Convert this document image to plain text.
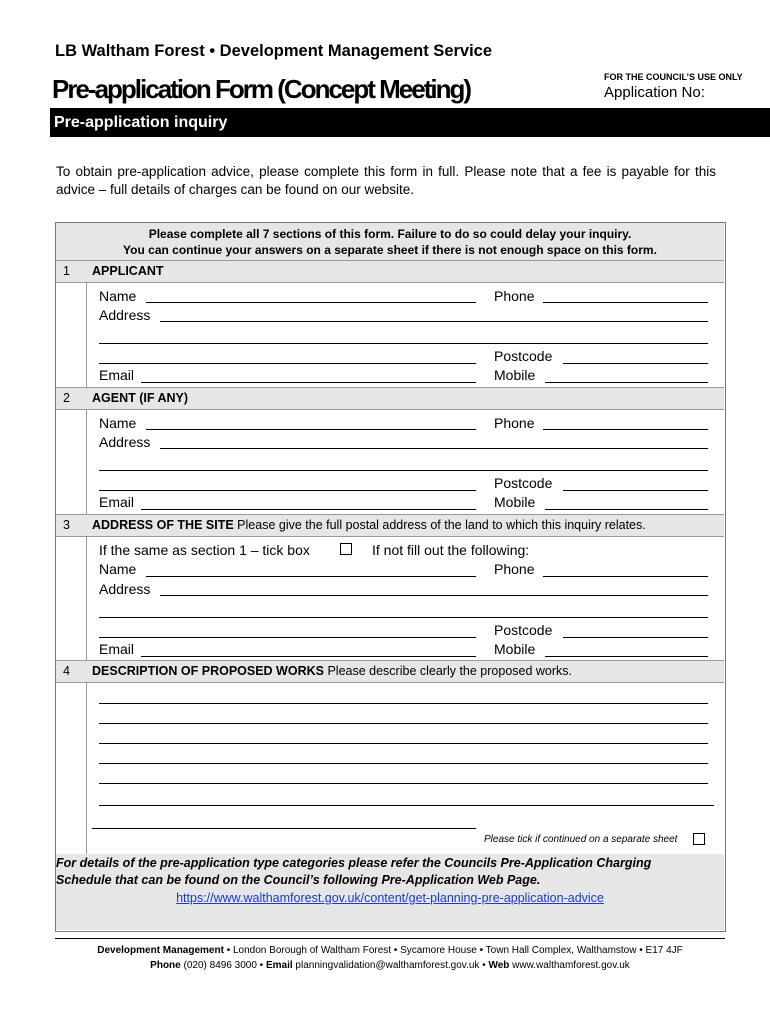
LB Waltham Forest • Development Management Service
Pre-application Form (Concept Meeting)	FOR THE COUNCIL’S USE ONLY
Application No:
Pre-application inquiry
To obtain pre-application advice, please complete this form in full. Please note that a fee is payable for this advice – full details of charges can be found on our website.
Please complete all 7 sections of this form. Failure to do so could delay your inquiry.
You can continue your answers on a separate sheet if there is not enough space on this form.
1 APPLICANT
Name	Phone
Address
Postcode
Email	Mobile
2 AGENT (IF ANY)
Name	Phone
Address
Postcode
Email	Mobile
3 ADDRESS OF THE SITE Please give the full postal address of the land to which this inquiry relates.
If the same as section 1 – tick box	If not fill out the following:
Name	Phone
Address
Postcode
Email	Mobile
4 DESCRIPTION OF PROPOSED WORKS Please describe clearly the proposed works.
Please tick if continued on a separate sheet
For details of the pre-application type categories please refer the Councils Pre-Application Charging Schedule that can be found on the Council’s following Pre-Application Web Page.
https://www.walthamforest.gov.uk/content/get-planning-pre-application-advice
Development Management • London Borough of Waltham Forest • Sycamore House • Town Hall Complex, Walthamstow • E17 4JF
Phone (020) 8496 3000 • Email planningvalidation@walthamforest.gov.uk • Web www.walthamforest.gov.uk
